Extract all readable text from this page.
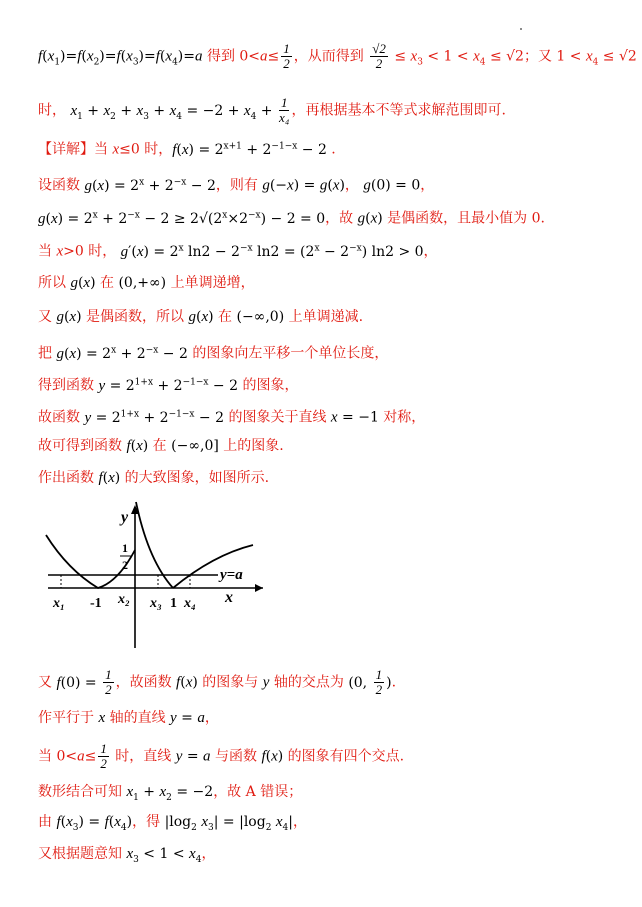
$f(x_1)=f(x_2)=f(x_3)=f(x_4)=a$ 得到 $0<a\le \frac{1}{2}$ ，从而得到 $\frac{√2}{2} \le x_3 < 1 < x_4 \le √2$；又 $1 < x_4 \le √2$
时， $x_1 + x_2 + x_3 + x_4 = -2 + x_4 + \frac{1}{\text{x₄}}$ ，再根据基本不等式求解范围即可.
【详解】当 x≤0 时，$f(x) = 2^{x+1} + 2^{-1-x} - 2$ .
设函数 $g(x) = 2^x + 2^{-x} - 2$，则有 g(−x) = g(x)， g(0) = 0，
$g(x) = 2^x + 2^{-x} - 2 \ge 2√(2^x\times 2^{-x}) - 2 = 0$，故 g(x) 是偶函数，且最小值为 0.
当 x>0 时， $g'(x) = 2^x$ $\ln 2 - 2^{-x}$ $\ln 2 = (2^x - 2^{-x}) \ln 2 > 0$，
所以 g(x) 在 (0,+∞) 上单调递增，
又 g(x) 是偶函数，所以 g(x) 在 (−∞,0) 上单调递减.
把 $g(x) = 2^x + 2^{-x} - 2$ 的图象向左平移一个单位长度，
得到函数 $y = 2^{1+x} + 2^{-1-x} - 2$ 的图象，
故函数 $y = 2^{1+x} + 2^{-1-x} - 2$ 的图象关于直线 x = −1 对称，
故可得到函数 f(x) 在 (−∞,0] 上的图象.
作出函数 f(x) 的大致图象，如图所示.
y
1
2
y=a
x
x₁ -1 x₂ x₃ 1 x₄
又 $f(0) = \frac{1}{2}$ ，故函数 f(x) 的图象与 y 轴的交点为 (0, $\frac{1}{2}$ ).
作平行于 x 轴的直线 y = a，
当 $0<a\le \frac{1}{2}$ 时，直线 y = a 与函数 f(x) 的图象有四个交点.
数形结合可知 $x_1 + x_2 = -2$，故 A 错误；
由 $f(x_3) = f(x_4)$，得 $|\log_2$ $x_3| = |\log_2$ $x_4|$，
又根据题意知 $x_3 < 1 < x_4$，
